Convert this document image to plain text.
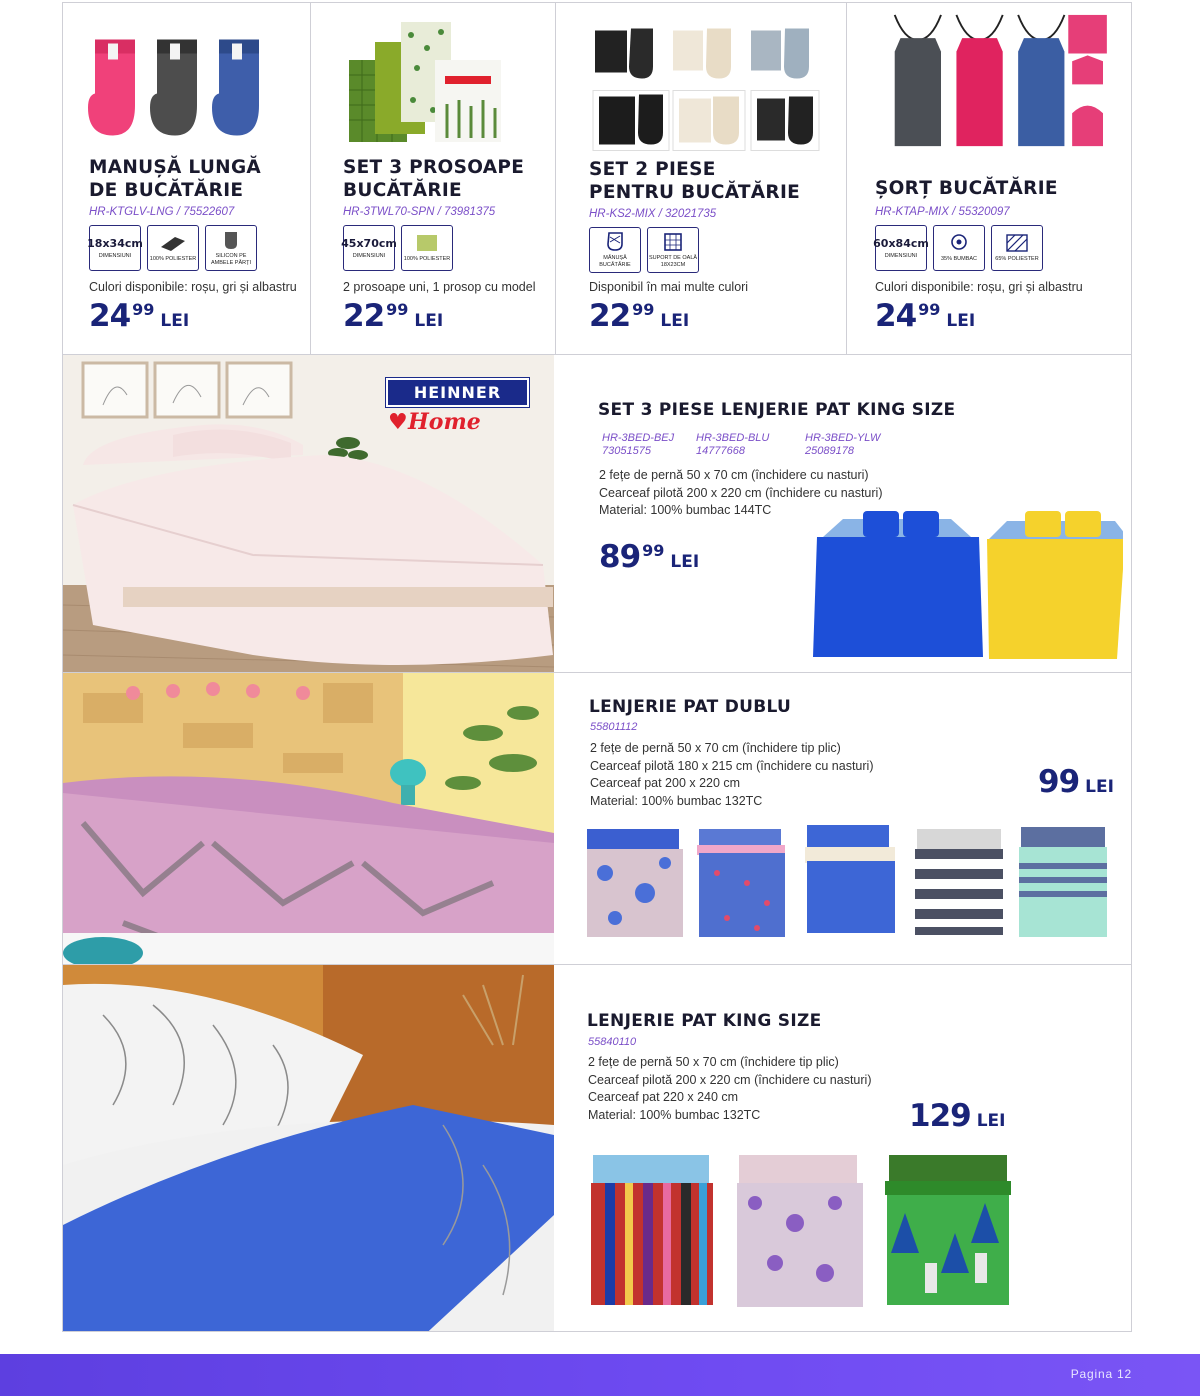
MANUȘĂ LUNGĂ
DE BUCĂTĂRIE
HR-KTGLV-LNG / 75522607
18x34cm
DIMENSIUNI
100% POLIESTER
SILICON PE AMBELE PĂRȚI
Culori disponibile: roșu, gri și albastru
24 99
LEI
SET 3 PROSOAPE
BUCĂTĂRIE
HR-3TWL70-SPN / 73981375
45x70cm
DIMENSIUNI
100% POLIESTER
2 prosoape uni, 1 prosop cu model
22 99
LEI
SET 2 PIESE
PENTRU BUCĂTĂRIE
HR-KS2-MIX / 32021735
MĂNUȘĂ BUCĂTĂRIE
SUPORT DE OALĂ 18X23CM
Disponibil în mai multe culori
22 99
LEI
ȘORȚ BUCĂTĂRIE
HR-KTAP-MIX / 55320097
60x84cm
DIMENSIUNI
35% BUMBAC	65% POLIESTER
Culori disponibile: roșu, gri și albastru
24 99
LEI
HEINNER
♥ Home	SET 3 PIESE LENJERIE PAT KING SIZE
HR-3BED-BEJ
73051575
HR-3BED-BLU
14777668
HR-3BED-YLW
25089178
2 fețe de pernă 50 x 70 cm (închidere cu nasturi)
Cearceaf pilotă 200 x 220 cm (închidere cu nasturi)
Material: 100% bumbac 144TC
89 99
LEI
LENJERIE PAT DUBLU
55801112
2 fețe de pernă 50 x 70 cm (închidere tip plic)
Cearceaf pilotă 180 x 215 cm (închidere cu nasturi)
Cearceaf pat 200 x 220 cm
Material: 100% bumbac 132TC
99 LEI
LENJERIE PAT KING SIZE
55840110
2 fețe de pernă 50 x 70 cm (închidere tip plic)
Cearceaf pilotă 200 x 220 cm (închidere cu nasturi)
Cearceaf pat 220 x 240 cm
Material: 100% bumbac 132TC	129 LEI
Pagina 12
